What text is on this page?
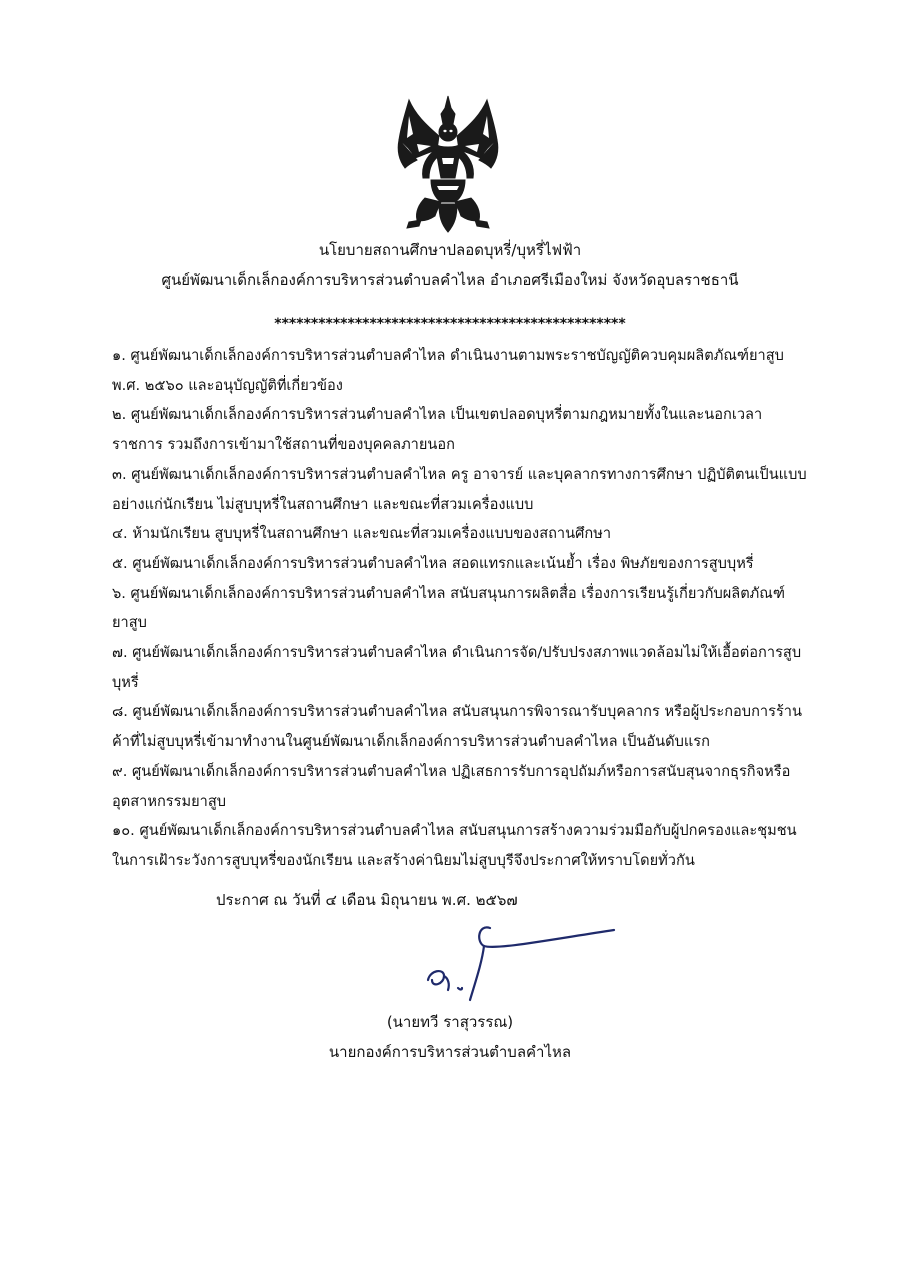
นโยบายสถานศึกษาปลอดบุหรี่/บุหรี่ไฟฟ้า
ศูนย์พัฒนาเด็กเล็กองค์การบริหารส่วนตำบลคำไหล อำเภอศรีเมืองใหม่ จังหวัดอุบลราชธานี
************************************************

๑. ศูนย์พัฒนาเด็กเล็กองค์การบริหารส่วนตำบลคำไหล ดำเนินงานตามพระราชบัญญัติควบคุมผลิตภัณฑ์ยาสูบ พ.ศ. ๒๕๖๐ และอนุบัญญัติที่เกี่ยวข้อง

๒. ศูนย์พัฒนาเด็กเล็กองค์การบริหารส่วนตำบลคำไหล เป็นเขตปลอดบุหรี่ตามกฎหมายทั้งในและนอกเวลาราชการ รวมถึงการเข้ามาใช้สถานที่ของบุคคลภายนอก

๓. ศูนย์พัฒนาเด็กเล็กองค์การบริหารส่วนตำบลคำไหล ครู อาจารย์ และบุคลากรทางการศึกษา ปฏิบัติตนเป็นแบบอย่างแก่นักเรียน ไม่สูบบุหรี่ในสถานศึกษา และขณะที่สวมเครื่องแบบ

๔. ห้ามนักเรียน สูบบุหรี่ในสถานศึกษา และขณะที่สวมเครื่องแบบของสถานศึกษา

๕. ศูนย์พัฒนาเด็กเล็กองค์การบริหารส่วนตำบลคำไหล สอดแทรกและเน้นย้ำ เรื่อง พิษภัยของการสูบบุหรี่

๖. ศูนย์พัฒนาเด็กเล็กองค์การบริหารส่วนตำบลคำไหล สนับสนุนการผลิตสื่อ เรื่องการเรียนรู้เกี่ยวกับผลิตภัณฑ์ยาสูบ

๗. ศูนย์พัฒนาเด็กเล็กองค์การบริหารส่วนตำบลคำไหล ดำเนินการจัด/ปรับปรงสภาพแวดล้อมไม่ให้เอื้อต่อการสูบบุหรี่

๘. ศูนย์พัฒนาเด็กเล็กองค์การบริหารส่วนตำบลคำไหล สนับสนุนการพิจารณารับบุคลากร หรือผู้ประกอบการร้านค้าที่ไม่สูบบุหรี่เข้ามาทำงานในศูนย์พัฒนาเด็กเล็กองค์การบริหารส่วนตำบลคำไหล เป็นอันดับแรก

๙. ศูนย์พัฒนาเด็กเล็กองค์การบริหารส่วนตำบลคำไหล ปฏิเสธการรับการอุปถัมภ์หรือการสนับสุนจากธุรกิจหรืออุตสาหกรรมยาสูบ

๑๐. ศูนย์พัฒนาเด็กเล็กองค์การบริหารส่วนตำบลคำไหล สนับสนุนการสร้างความร่วมมือกับผู้ปกครองและชุมชนในการเฝ้าระวังการสูบบุหรี่ของนักเรียน และสร้างค่านิยมไม่สูบบุรีจึงประกาศให้ทราบโดยทั่วกัน

ประกาศ ณ วันที่ ๔ เดือน มิถุนายน พ.ศ. ๒๕๖๗
(นายทวี ราสุวรรณ)
นายกองค์การบริหารส่วนตำบลคำไหล
